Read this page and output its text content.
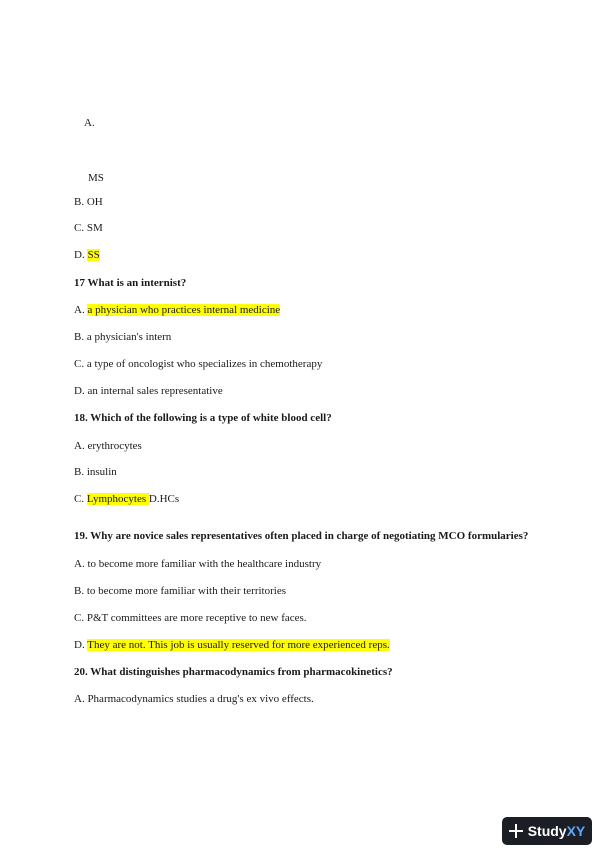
A.
MS
B. OH
C. SM
D. SS
17 What is an internist?
A. a physician who practices internal medicine
B. a physician's intern
C. a type of oncologist who specializes in chemotherapy
D. an internal sales representative
18. Which of the following is a type of white blood cell?
A. erythrocytes
B. insulin
C. Lymphocytes D.HCs
19. Why are novice sales representatives often placed in charge of negotiating MCO formularies?
A. to become more familiar with the healthcare industry
B. to become more familiar with their territories
C. P&T committees are more receptive to new faces.
D. They are not. This job is usually reserved for more experienced reps.
20. What distinguishes pharmacodynamics from pharmacokinetics?
A. Pharmacodynamics studies a drug's ex vivo effects.
StudyXY
